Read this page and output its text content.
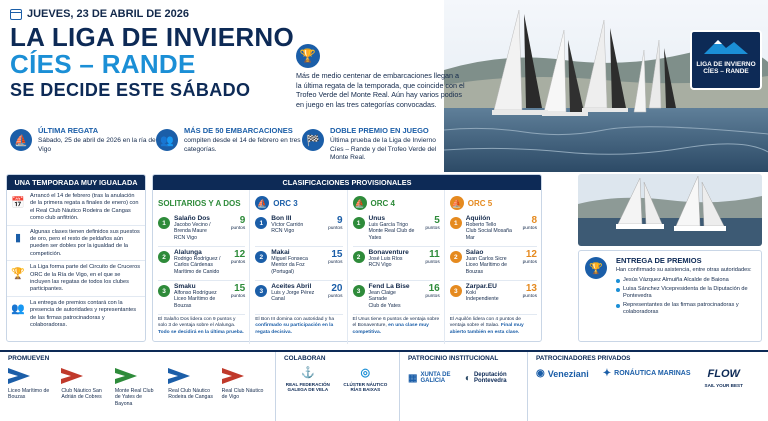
LIGA DE INVIERNO
CÍES – RANDE
JUEVES, 23 DE ABRIL DE 2026
LA LIGA DE INVIERNO
CÍES – RANDE
SE DECIDE ESTE SÁBADO
🏆
Más de medio centenar de embarcaciones llegan a la última regata de la temporada, que coincide con el Trofeo Verde del Monte Real. Aún hay varios podios en juego en las tres categorías convocadas.
⛵
ÚLTIMA REGATA
Sábado, 25 de abril de 2026 en la ría de Vigo
👥
MÁS DE 50 EMBARCACIONES
compiten desde el 14 de febrero en tres categorías.
🏁
DOBLE PREMIO EN JUEGO
Última prueba de la Liga de Invierno Cíes – Rande y del Trofeo Verde del Monte Real.
UNA TEMPORADA MUY IGUALADA
📅
Arrancó el 14 de febrero (tras la anulación de la primera regata a finales de enero) con el Real Club Náutico Rodeira de Cangas como club anfitrión.
▮
Algunas clases tienen definidos sus puestos de oro, pero el resto de peldaños aún pueden ser dobles por la igualdad de la competición.
🏆
La Liga forma parte del Circuito de Cruceros ORC de la Ría de Vigo, en el que se incluyen las regatas de todos los clubes participantes.
👥
La entrega de premios contará con la presencia de autoridades y representantes de las firmas patrocinadoras y colaboradoras.
CLASIFICACIONES PROVISIONALES
SOLITARIOS Y A DOS
1
Salaño Dos
Jacobo Vecino / Brenda Maure
RCN Vigo
9
puntos
2
Alalunga
Rodrigo Rodríguez / Carlos Cárdenas
Marítimo de Canido
12
puntos
3
Smaku
Alfonso Rodríguez
Liceo Marítimo de Bouzas
15
puntos
El Salaño Dos lidera con 9 puntos y solo 3 de ventaja sobre el Alalunga. Todo se decidirá en la última prueba.
⛵ ORC 3
1
Bon III
Víctor Carrión
RCN Vigo
9
puntos
2
Makai
Miguel Fonseca
Mentor da Foz (Portugal)
15
puntos
3
Aceites Abril
Luis y Jorge Pérez Canal
20
puntos
El Bon III domina con autoridad y ha confirmado su participación en la regata decisiva.
⛵ ORC 4
1
Unus
Luis García Trigo
Monte Real Club de Yates
5
puntos
2
Bonaventure
José Luis Ríos
RCN Vigo
11
puntos
3
Fend La Bise
Jean Claige Sarrade
Club de Yates
16
puntos
El Unus tiene 6 puntos de ventaja sobre el Bonaventure, en una clase muy competitiva.
⛵ ORC 5
1
Aquilón
Roberto Tello
Club Social Mosaña Mar
8
puntos
2
Salao
Juan Carlos Sicre
Liceo Marítimo de Bouzas
12
puntos
3
Zarpar.EU
Koki
Independiente
13
puntos
El Aquilón lidera con 4 puntos de ventaja sobre el Salao. Final muy abierto también en esta clase.
🏆
ENTREGA DE PREMIOS
Han confirmado su asistencia, entre otras autoridades:
Jesús Vázquez Almuiña Alcalde de Baiona
Luisa Sánchez Vicepresidenta de la Diputación de Pontevedra
Representantes de las firmas patrocinadoras y colaboradoras
PROMUEVEN
Liceo Marítimo de Bouzas
Club Náutico San Adrián de Cobres
Monte Real Club de Yates de Bayona
Real Club Náutico Rodeira de Cangas
Real Club Náutico de Vigo
COLABORAN
⚓
REAL FEDERACIÓN GALEGA DE VELA
◎
CLÚSTER NÁUTICO RÍAS BAIXAS
PATROCINIO INSTITUCIONAL
▦ XUNTA DE GALICIA	◐ Deputación Pontevedra
PATROCINADORES PRIVADOS
◉ Veneziani ✦ RONÁUTICA MARINAS FLOW
SAIL YOUR BEST
